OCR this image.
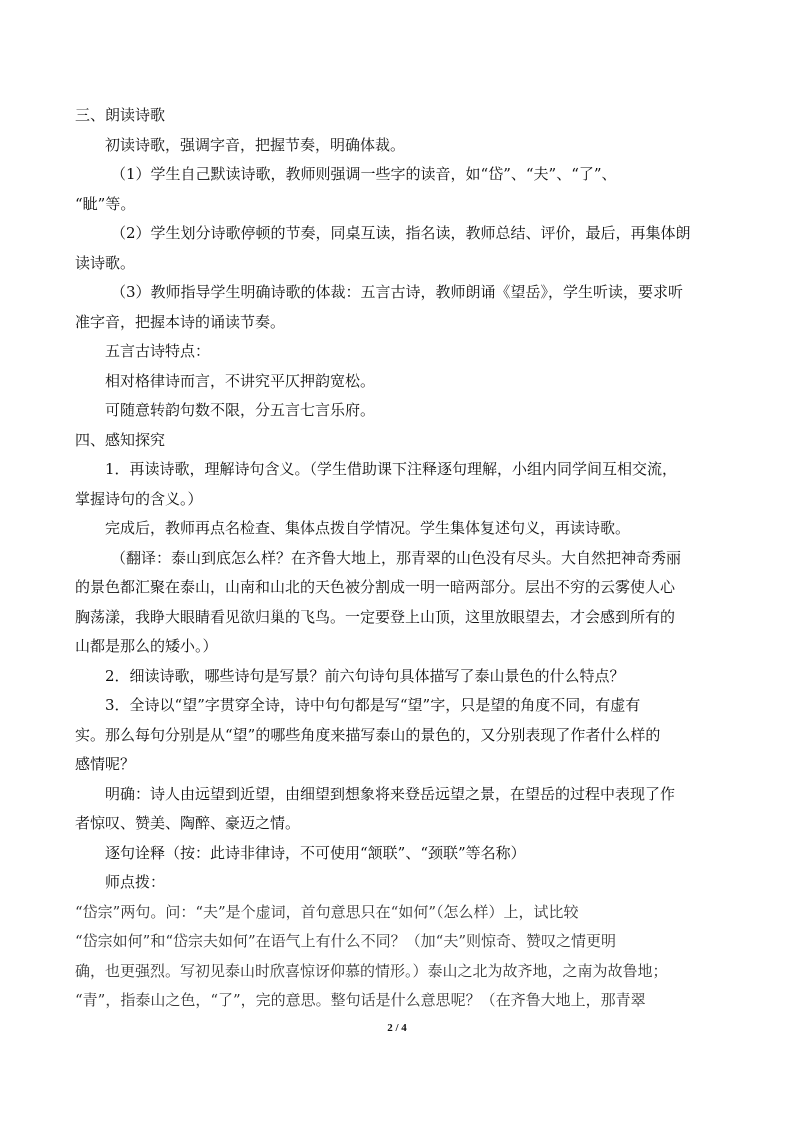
三、朗读诗歌
初读诗歌，强调字音，把握节奏，明确体裁。
（1）学生自己默读诗歌，教师则强调一些字的读音，如“岱”、“夫”、“了”、
“眦”等。
（2）学生划分诗歌停顿的节奏，同桌互读，指名读，教师总结、评价，最后，再集体朗
读诗歌。
（3）教师指导学生明确诗歌的体裁：五言古诗，教师朗诵《望岳》，学生听读，要求听
准字音，把握本诗的诵读节奏。
五言古诗特点：
相对格律诗而言，不讲究平仄押韵宽松。
可随意转韵句数不限，分五言七言乐府。
四、感知探究
1．再读诗歌，理解诗句含义。（学生借助课下注释逐句理解，小组内同学间互相交流，
掌握诗句的含义。）
完成后，教师再点名检查、集体点拨自学情况。学生集体复述句义，再读诗歌。
（翻译：泰山到底怎么样？在齐鲁大地上，那青翠的山色没有尽头。大自然把神奇秀丽
的景色都汇聚在泰山，山南和山北的天色被分割成一明一暗两部分。层出不穷的云雾使人心
胸荡漾，我睁大眼睛看见欲归巢的飞鸟。一定要登上山顶，这里放眼望去，才会感到所有的
山都是那么的矮小。）
2．细读诗歌，哪些诗句是写景？前六句诗句具体描写了泰山景色的什么特点？
3．全诗以“望”字贯穿全诗，诗中句句都是写“望”字，只是望的角度不同，有虚有
实。那么每句分别是从“望”的哪些角度来描写泰山的景色的，又分别表现了作者什么样的
感情呢？
明确：诗人由远望到近望，由细望到想象将来登岳远望之景，在望岳的过程中表现了作
者惊叹、赞美、陶醉、豪迈之情。
逐句诠释（按：此诗非律诗，不可使用“颔联”、“颈联”等名称）
师点拨：
“岱宗”两句。问：“夫”是个虚词，首句意思只在“如何”（怎么样）上，试比较
“岱宗如何”和“岱宗夫如何”在语气上有什么不同？（加“夫”则惊奇、赞叹之情更明
确，也更强烈。写初见泰山时欣喜惊讶仰慕的情形。）泰山之北为故齐地，之南为故鲁地；
“青”，指泰山之色，“了”，完的意思。整句话是什么意思呢？（在齐鲁大地上，那青翠
2 / 4
